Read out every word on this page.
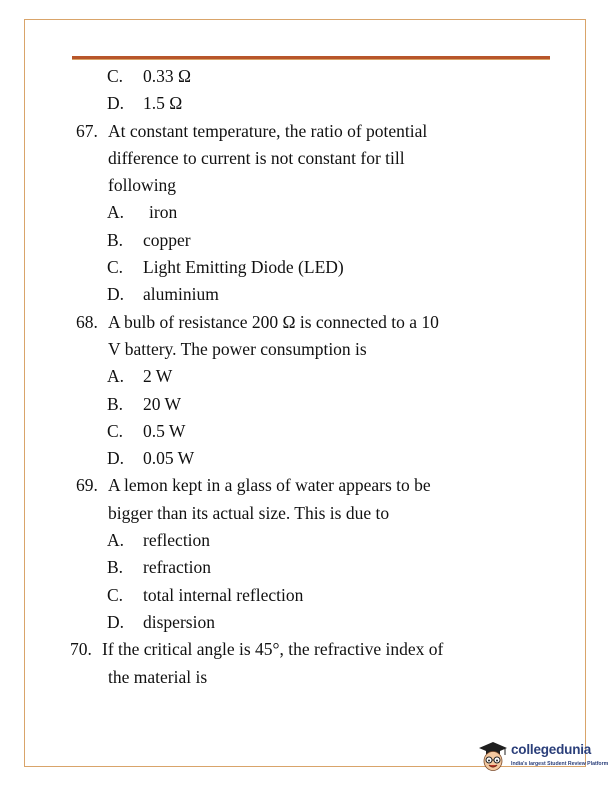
C. 0.33 Ω
D. 1.5 Ω
67. At constant temperature, the ratio of potential
difference to current is not constant for till
following
A. iron
B. copper
C. Light Emitting Diode (LED)
D. aluminium
68. A bulb of resistance 200 Ω is connected to a 10
V battery. The power consumption is
A. 2 W
B. 20 W
C. 0.5 W
D. 0.05 W
69. A lemon kept in a glass of water appears to be
bigger than its actual size. This is due to
A. reflection
B. refraction
C. total internal reflection
D. dispersion
70. If the critical angle is 45°, the refractive index of
the material is
collegedunia
India's largest Student Review Platform
